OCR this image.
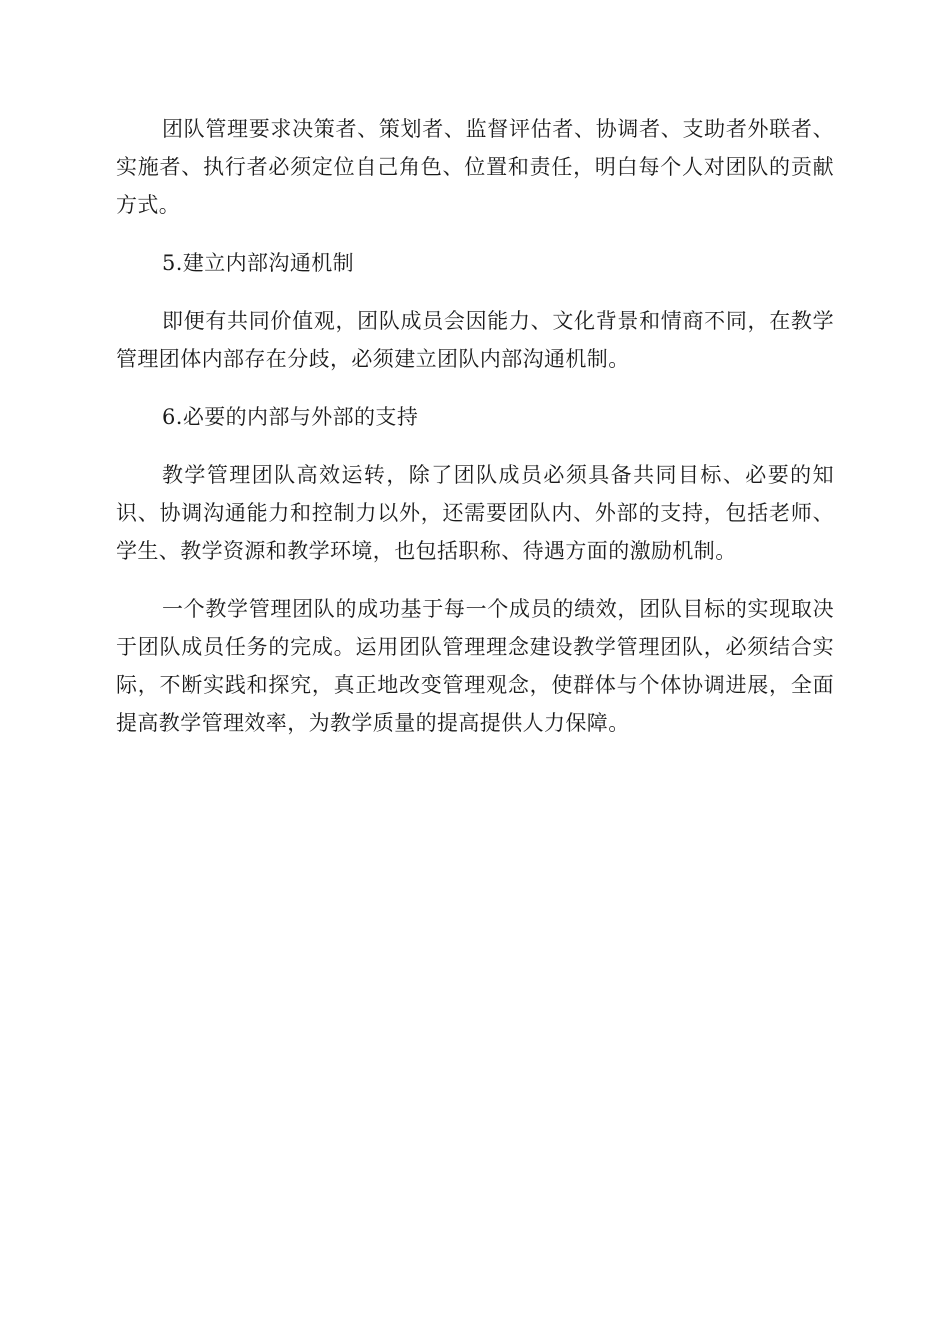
团队管理要求决策者、策划者、监督评估者、协调者、支助者外联者、实施者、执行者必须定位自己角色、位置和责任，明白每个人对团队的贡献方式。

5.建立内部沟通机制

即便有共同价值观，团队成员会因能力、文化背景和情商不同，在教学管理团体内部存在分歧，必须建立团队内部沟通机制。

6.必要的内部与外部的支持

教学管理团队高效运转，除了团队成员必须具备共同目标、必要的知识、协调沟通能力和控制力以外，还需要团队内、外部的支持，包括老师、学生、教学资源和教学环境，也包括职称、待遇方面的激励机制。

一个教学管理团队的成功基于每一个成员的绩效，团队目标的实现取决于团队成员任务的完成。运用团队管理理念建设教学管理团队，必须结合实际，不断实践和探究，真正地改变管理观念，使群体与个体协调进展，全面提高教学管理效率，为教学质量的提高提供人力保障。
